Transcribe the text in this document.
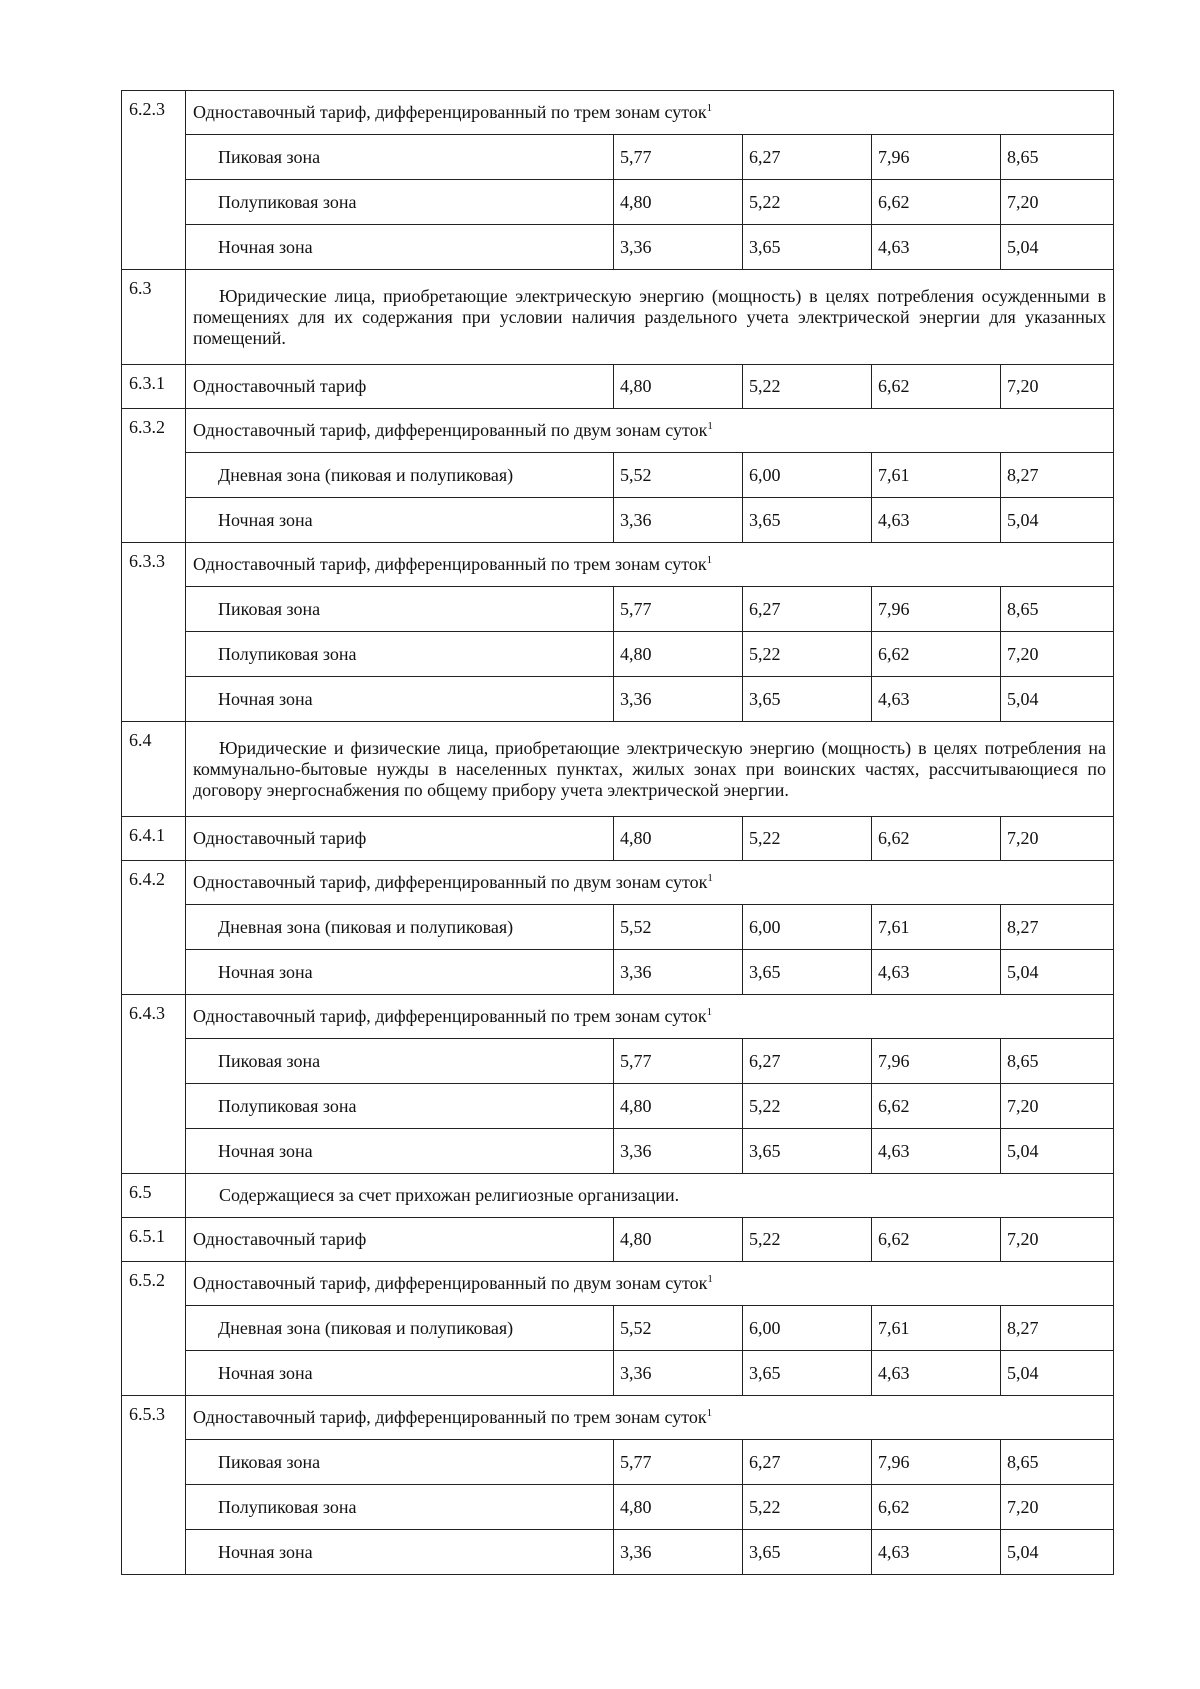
6.2.3	Одноставочный тариф, дифференцированный по трем зонам суток$^1$
	Пиковая зона	5,77	6,27	7,96	8,65
	Полупиковая зона	4,80	5,22	6,62	7,20
	Ночная зона	3,36	3,65	4,63	5,04
6.3	Юридические лица, приобретающие электрическую энергию (мощность) в целях потребления осужденными в помещениях для их содержания при условии наличия раздельного учета электрической энергии для указанных помещений.				

6.3.1	Одноставочный тариф	4,80	5,22	6,62	7,20
6.3.2	Одноставочный тариф, дифференцированный по двум зонам суток$^1$
	Дневная зона (пиковая и полупиковая)	5,52	6,00	7,61	8,27
	Ночная зона	3,36	3,65	4,63	5,04
6.3.3	Одноставочный тариф, дифференцированный по трем зонам суток$^1$
	Пиковая зона	5,77	6,27	7,96	8,65
	Полупиковая зона	4,80	5,22	6,62	7,20
	Ночная зона	3,36	3,65	4,63	5,04
6.4	Юридические и физические лица, приобретающие электрическую энергию (мощность) в целях потребления на коммунально-бытовые нужды в населенных пунктах, жилых зонах при воинских частях, рассчитывающиеся по договору энергоснабжения по общему прибору учета электрической энергии.				

6.4.1	Одноставочный тариф	4,80	5,22	6,62	7,20
6.4.2	Одноставочный тариф, дифференцированный по двум зонам суток$^1$
	Дневная зона (пиковая и полупиковая)	5,52	6,00	7,61	8,27
	Ночная зона	3,36	3,65	4,63	5,04
6.4.3	Одноставочный тариф, дифференцированный по трем зонам суток$^1$
	Пиковая зона	5,77	6,27	7,96	8,65
	Полупиковая зона	4,80	5,22	6,62	7,20
	Ночная зона	3,36	3,65	4,63	5,04
6.5	Содержащиеся за счет прихожан религиозные организации.				

6.5.1	Одноставочный тариф	4,80	5,22	6,62	7,20
6.5.2	Одноставочный тариф, дифференцированный по двум зонам суток$^1$
	Дневная зона (пиковая и полупиковая)	5,52	6,00	7,61	8,27
	Ночная зона	3,36	3,65	4,63	5,04
6.5.3	Одноставочный тариф, дифференцированный по трем зонам суток$^1$
	Пиковая зона	5,77	6,27	7,96	8,65
	Полупиковая зона	4,80	5,22	6,62	7,20
	Ночная зона	3,36	3,65	4,63	5,04
